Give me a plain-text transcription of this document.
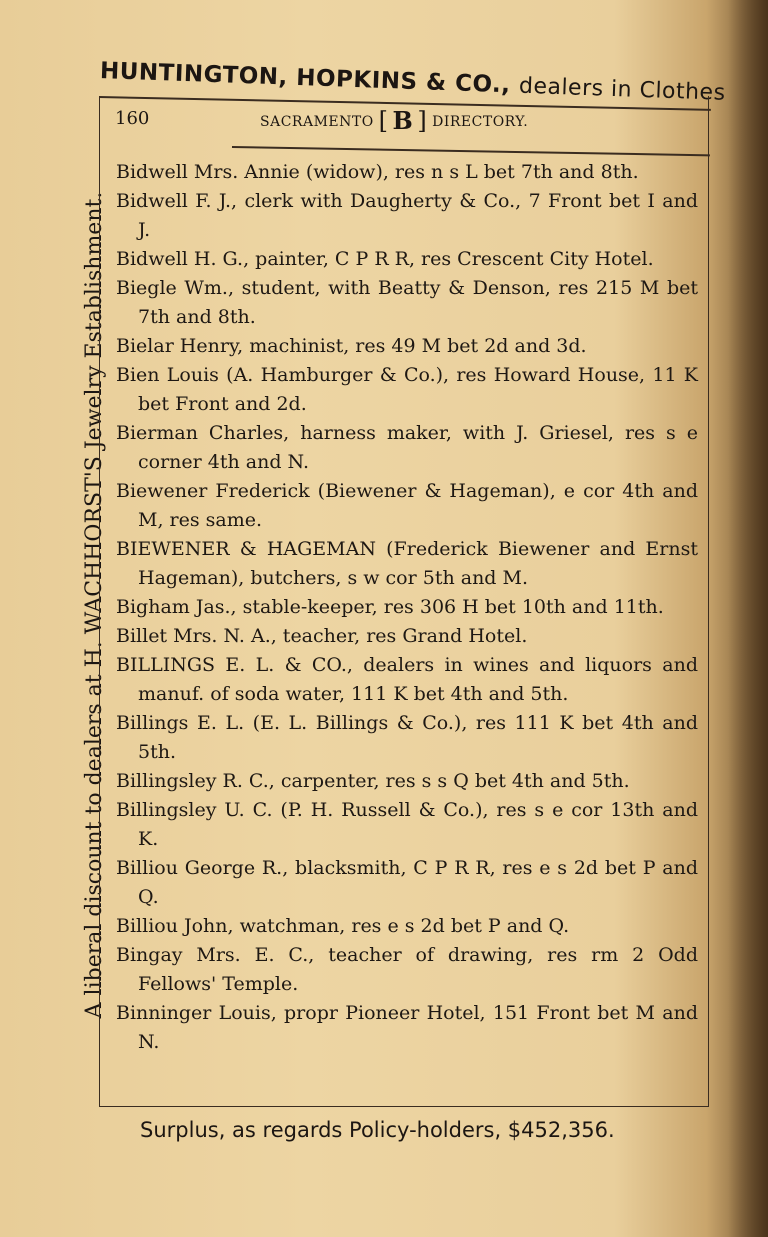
HUNTINGTON, HOPKINS & CO., dealers in Clothes
A liberal discount to dealers at H. WACHHORST'S Jewelry Establishment.
160	SACRAMENTO [ B ] DIRECTORY.

Bidwell Mrs. Annie (widow), res n s L bet 7th and 8th.

Bidwell F. J., clerk with Daugherty & Co., 7 Front bet I and J.

Bidwell H. G., painter, C P R R, res Crescent City Hotel.

Biegle Wm., student, with Beatty & Denson, res 215 M bet 7th and 8th.

Bielar Henry, machinist, res 49 M bet 2d and 3d.

Bien Louis (A. Hamburger & Co.), res Howard House, 11 K bet Front and 2d.

Bierman Charles, harness maker, with J. Griesel, res s e corner 4th and N.

Biewener Frederick (Biewener & Hageman), e cor 4th and M, res same.

BIEWENER & HAGEMAN (Frederick Biewener and Ernst Hageman), butchers, s w cor 5th and M.

Bigham Jas., stable-keeper, res 306 H bet 10th and 11th.

Billet Mrs. N. A., teacher, res Grand Hotel.

BILLINGS E. L. & CO., dealers in wines and liquors and manuf. of soda water, 111 K bet 4th and 5th.

Billings E. L. (E. L. Billings & Co.), res 111 K bet 4th and 5th.

Billingsley R. C., carpenter, res s s Q bet 4th and 5th.

Billingsley U. C. (P. H. Russell & Co.), res s e cor 13th and K.

Billiou George R., blacksmith, C P R R, res e s 2d bet P and Q.

Billiou John, watchman, res e s 2d bet P and Q.

Bingay Mrs. E. C., teacher of drawing, res rm 2 Odd Fellows' Temple.

Binninger Louis, propr Pioneer Hotel, 151 Front bet M and N.

Surplus, as regards Policy-holders, $452,356.
